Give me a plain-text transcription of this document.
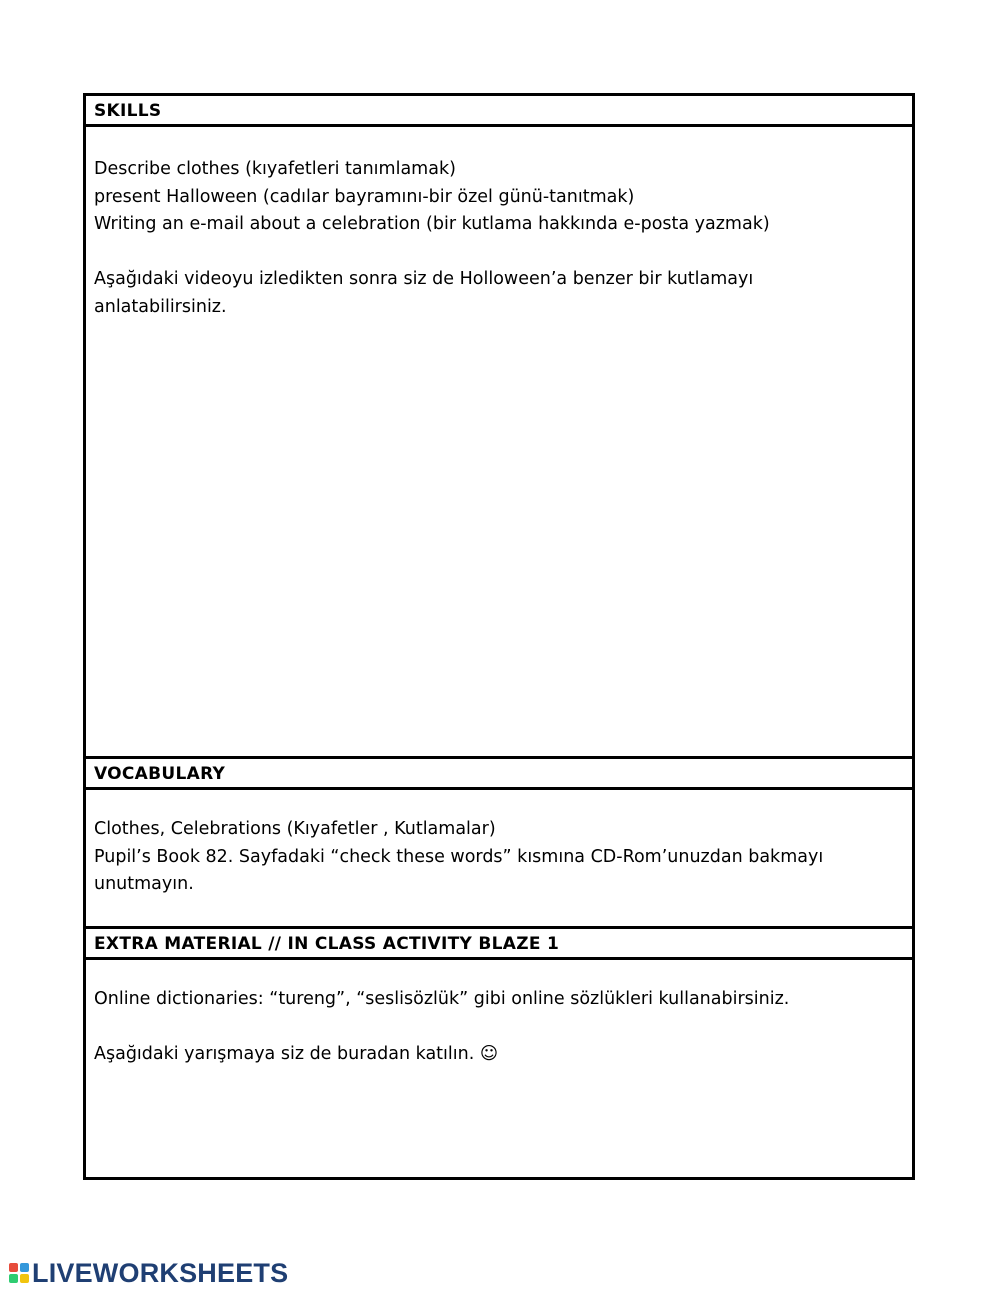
SKILLS

Describe clothes (kıyafetleri tanımlamak)

present Halloween (cadılar bayramını-bir özel günü-tanıtmak)

Writing an e-mail about a celebration (bir kutlama hakkında e-posta yazmak)

Aşağıdaki videoyu izledikten sonra siz de Holloween’a benzer bir kutlamayı

anlatabilirsiniz.

VOCABULARY

Clothes, Celebrations (Kıyafetler , Kutlamalar)

Pupil’s Book 82. Sayfadaki “check these words” kısmına CD-Rom’unuzdan bakmayı

unutmayın.

EXTRA MATERIAL // IN CLASS ACTIVITY BLAZE 1

Online dictionaries: “tureng”, “seslisözlük” gibi online sözlükleri kullanabirsiniz.

Aşağıdaki yarışmaya siz de buradan katılın. ☺

LIVEWORKSHEETS
